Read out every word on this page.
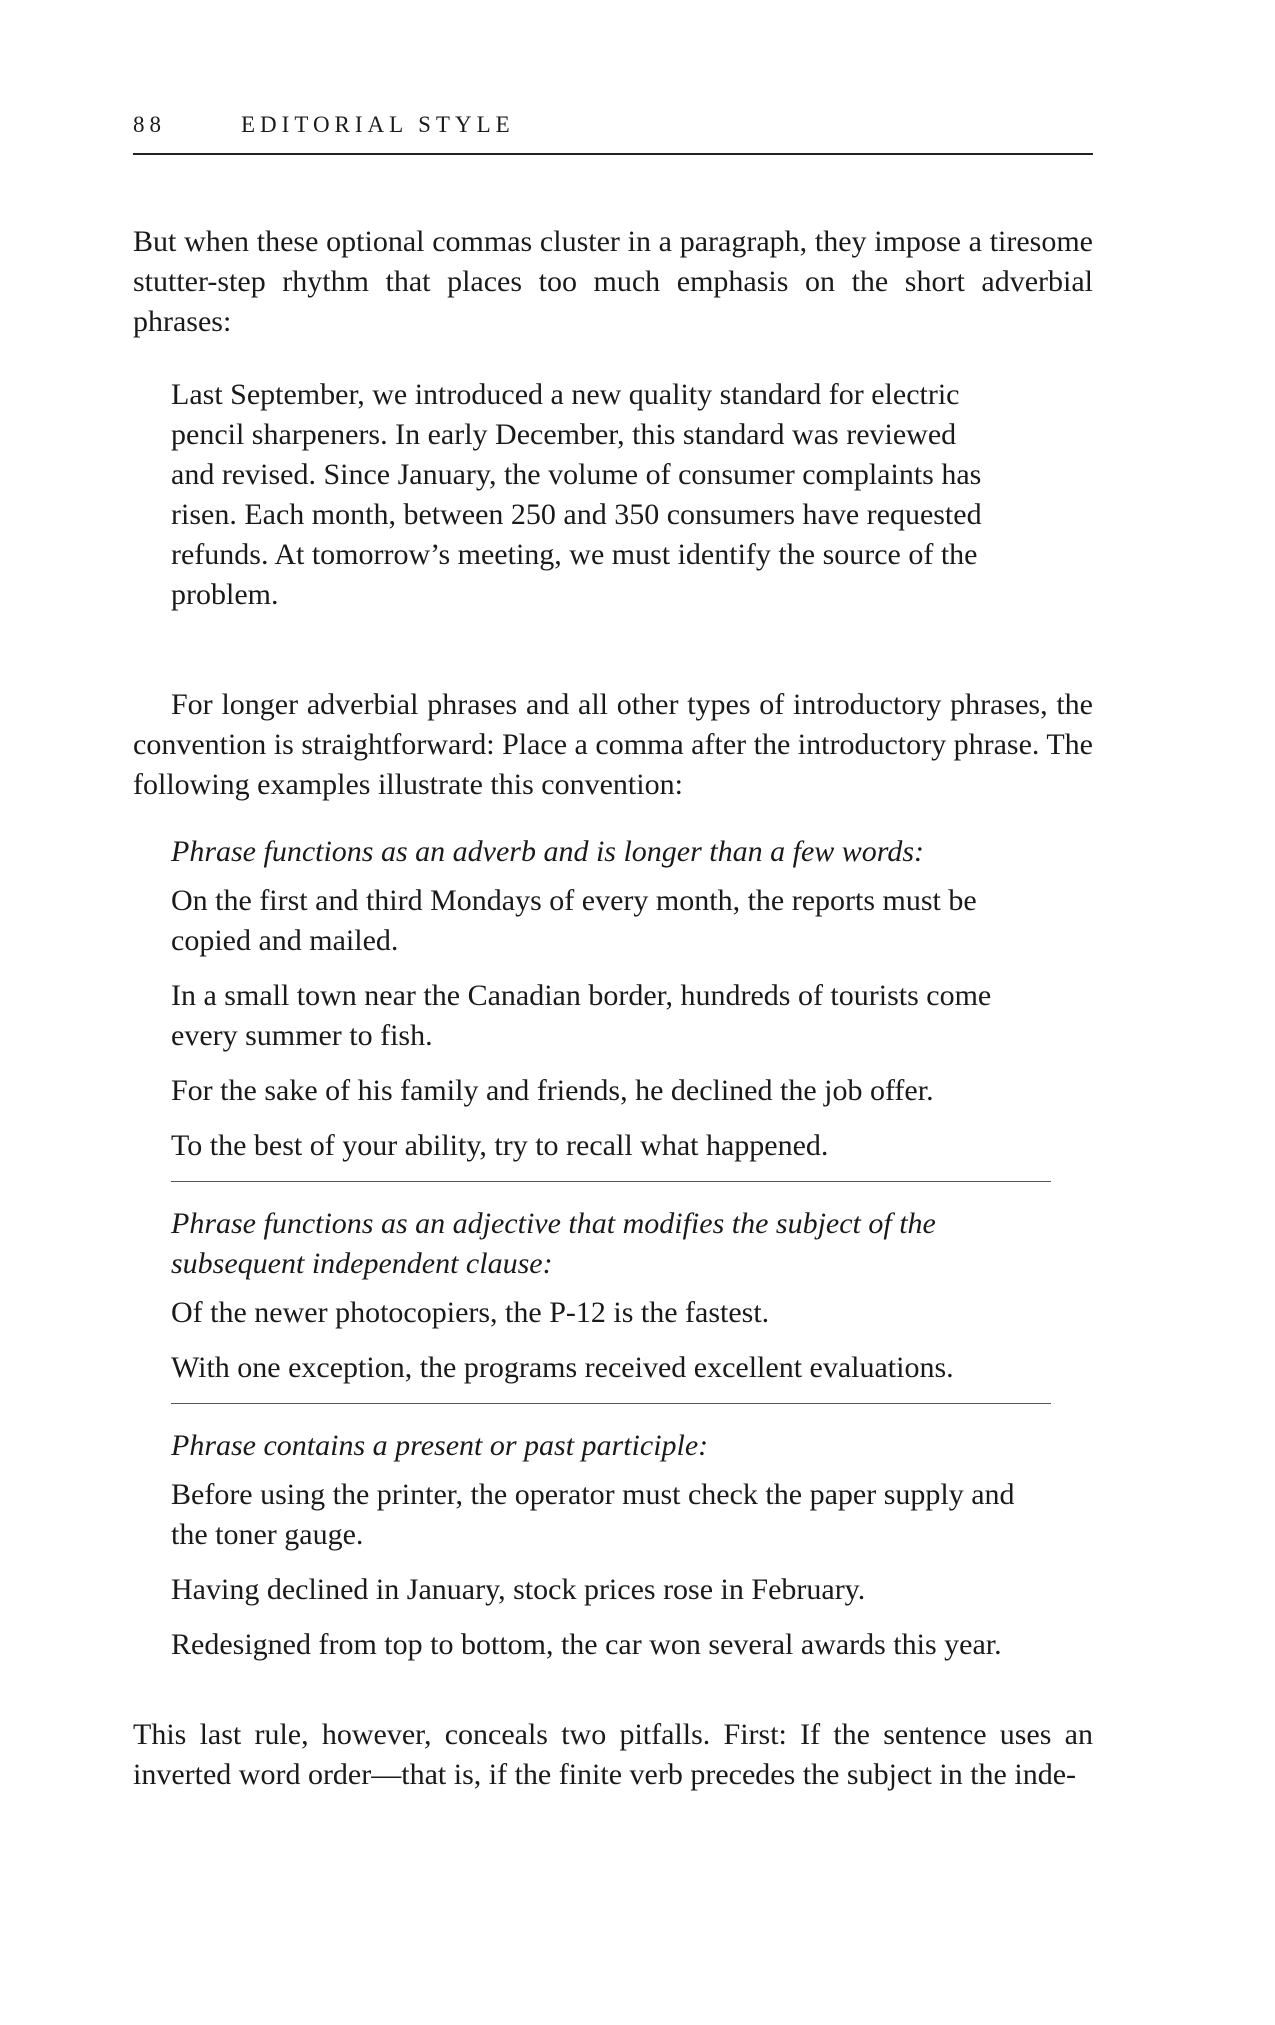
88	EDITORIAL STYLE

But when these optional commas cluster in a paragraph, they impose a tiresome stutter-step rhythm that places too much emphasis on the short adverbial phrases:

Last September, we introduced a new quality standard for electric
pencil sharpeners. In early December, this standard was reviewed
and revised. Since January, the volume of consumer complaints has
risen. Each month, between 250 and 350 consumers have requested
refunds. At tomorrow’s meeting, we must identify the source of the
problem.

For longer adverbial phrases and all other types of introductory phrases, the convention is straightforward: Place a comma after the introductory phrase. The following examples illustrate this convention:

Phrase functions as an adverb and is longer than a few words:

On the first and third Mondays of every month, the reports must be copied and mailed.

In a small town near the Canadian border, hundreds of tourists come every summer to fish.

For the sake of his family and friends, he declined the job offer.

To the best of your ability, try to recall what happened.

Phrase functions as an adjective that modifies the subject of the subsequent independent clause:

Of the newer photocopiers, the P-12 is the fastest.

With one exception, the programs received excellent evaluations.

Phrase contains a present or past participle:

Before using the printer, the operator must check the paper supply and the toner gauge.

Having declined in January, stock prices rose in February.

Redesigned from top to bottom, the car won several awards this year.

This last rule, however, conceals two pitfalls. First: If the sentence uses an inverted word order—that is, if the finite verb precedes the subject in the inde-
